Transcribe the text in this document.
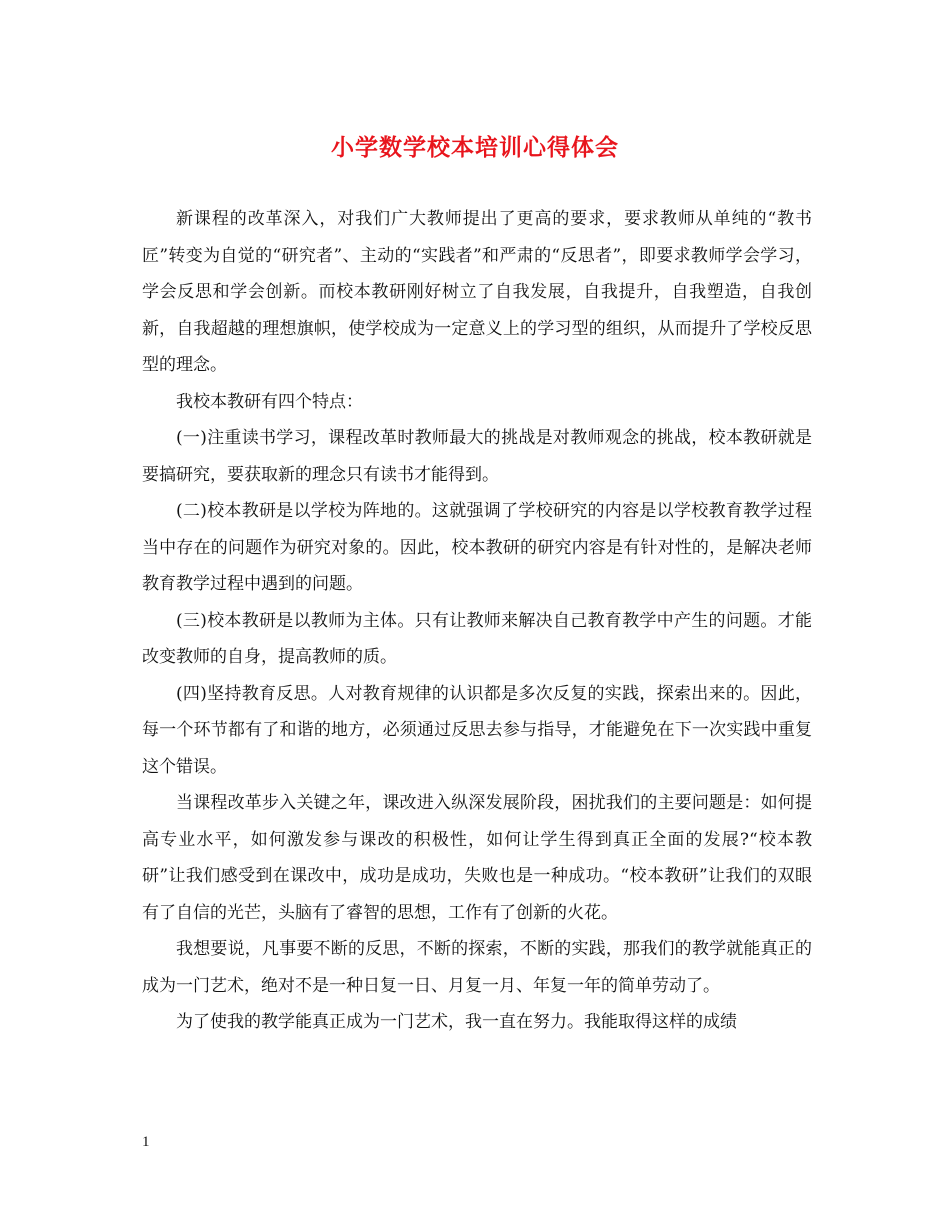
小学数学校本培训心得体会

新课程的改革深入，对我们广大教师提出了更高的要求，要求教师从单纯的“教书匠”转变为自觉的“研究者”、主动的“实践者”和严肃的“反思者”，即要求教师学会学习，学会反思和学会创新。而校本教研刚好树立了自我发展，自我提升，自我塑造，自我创新，自我超越的理想旗帜，使学校成为一定意义上的学习型的组织，从而提升了学校反思型的理念。

我校本教研有四个特点：

(一)注重读书学习，课程改革时教师最大的挑战是对教师观念的挑战，校本教研就是要搞研究，要获取新的理念只有读书才能得到。

(二)校本教研是以学校为阵地的。这就强调了学校研究的内容是以学校教育教学过程当中存在的问题作为研究对象的。因此，校本教研的研究内容是有针对性的，是解决老师教育教学过程中遇到的问题。

(三)校本教研是以教师为主体。只有让教师来解决自己教育教学中产生的问题。才能改变教师的自身，提高教师的质。

(四)坚持教育反思。人对教育规律的认识都是多次反复的实践，探索出来的。因此，每一个环节都有了和谐的地方，必须通过反思去参与指导，才能避免在下一次实践中重复这个错误。

当课程改革步入关键之年，课改进入纵深发展阶段，困扰我们的主要问题是：如何提高专业水平，如何激发参与课改的积极性，如何让学生得到真正全面的发展?“校本教研”让我们感受到在课改中，成功是成功，失败也是一种成功。“校本教研”让我们的双眼有了自信的光芒，头脑有了睿智的思想，工作有了创新的火花。

我想要说，凡事要不断的反思，不断的探索，不断的实践，那我们的教学就能真正的成为一门艺术，绝对不是一种日复一日、月复一月、年复一年的简单劳动了。

为了使我的教学能真正成为一门艺术，我一直在努力。我能取得这样的成绩

1
